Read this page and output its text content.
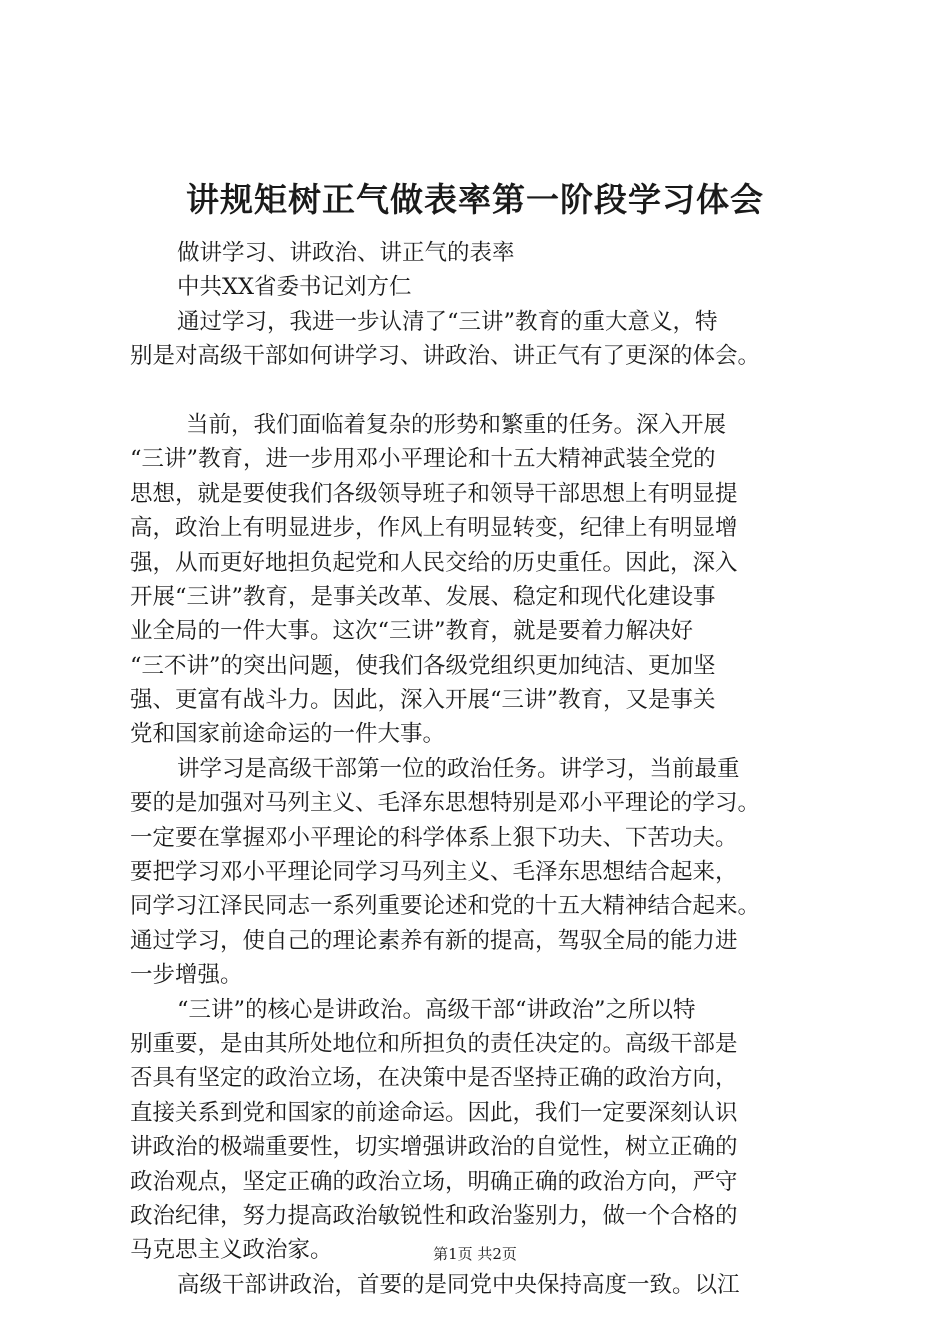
讲规矩树正气做表率第一阶段学习体会
做讲学习、讲政治、讲正气的表率
中共XX省委书记刘方仁
通过学习，我进一步认清了“三讲”教育的重大意义，特
别是对高级干部如何讲学习、讲政治、讲正气有了更深的体会。
当前，我们面临着复杂的形势和繁重的任务。深入开展
“三讲”教育，进一步用邓小平理论和十五大精神武装全党的
思想，就是要使我们各级领导班子和领导干部思想上有明显提
高，政治上有明显进步，作风上有明显转变，纪律上有明显增
强，从而更好地担负起党和人民交给的历史重任。因此，深入
开展“三讲”教育，是事关改革、发展、稳定和现代化建设事
业全局的一件大事。这次“三讲”教育，就是要着力解决好
“三不讲”的突出问题，使我们各级党组织更加纯洁、更加坚
强、更富有战斗力。因此，深入开展“三讲”教育，又是事关
党和国家前途命运的一件大事。
讲学习是高级干部第一位的政治任务。讲学习，当前最重
要的是加强对马列主义、毛泽东思想特别是邓小平理论的学习。
一定要在掌握邓小平理论的科学体系上狠下功夫、下苦功夫。
要把学习邓小平理论同学习马列主义、毛泽东思想结合起来，
同学习江泽民同志一系列重要论述和党的十五大精神结合起来。
通过学习，使自己的理论素养有新的提高，驾驭全局的能力进
一步增强。
“三讲”的核心是讲政治。高级干部“讲政治”之所以特
别重要，是由其所处地位和所担负的责任决定的。高级干部是
否具有坚定的政治立场，在决策中是否坚持正确的政治方向，
直接关系到党和国家的前途命运。因此，我们一定要深刻认识
讲政治的极端重要性，切实增强讲政治的自觉性，树立正确的
政治观点，坚定正确的政治立场，明确正确的政治方向，严守
政治纪律，努力提高政治敏锐性和政治鉴别力，做一个合格的
马克思主义政治家。
高级干部讲政治，首要的是同党中央保持高度一致。以江
第1页 共2页
